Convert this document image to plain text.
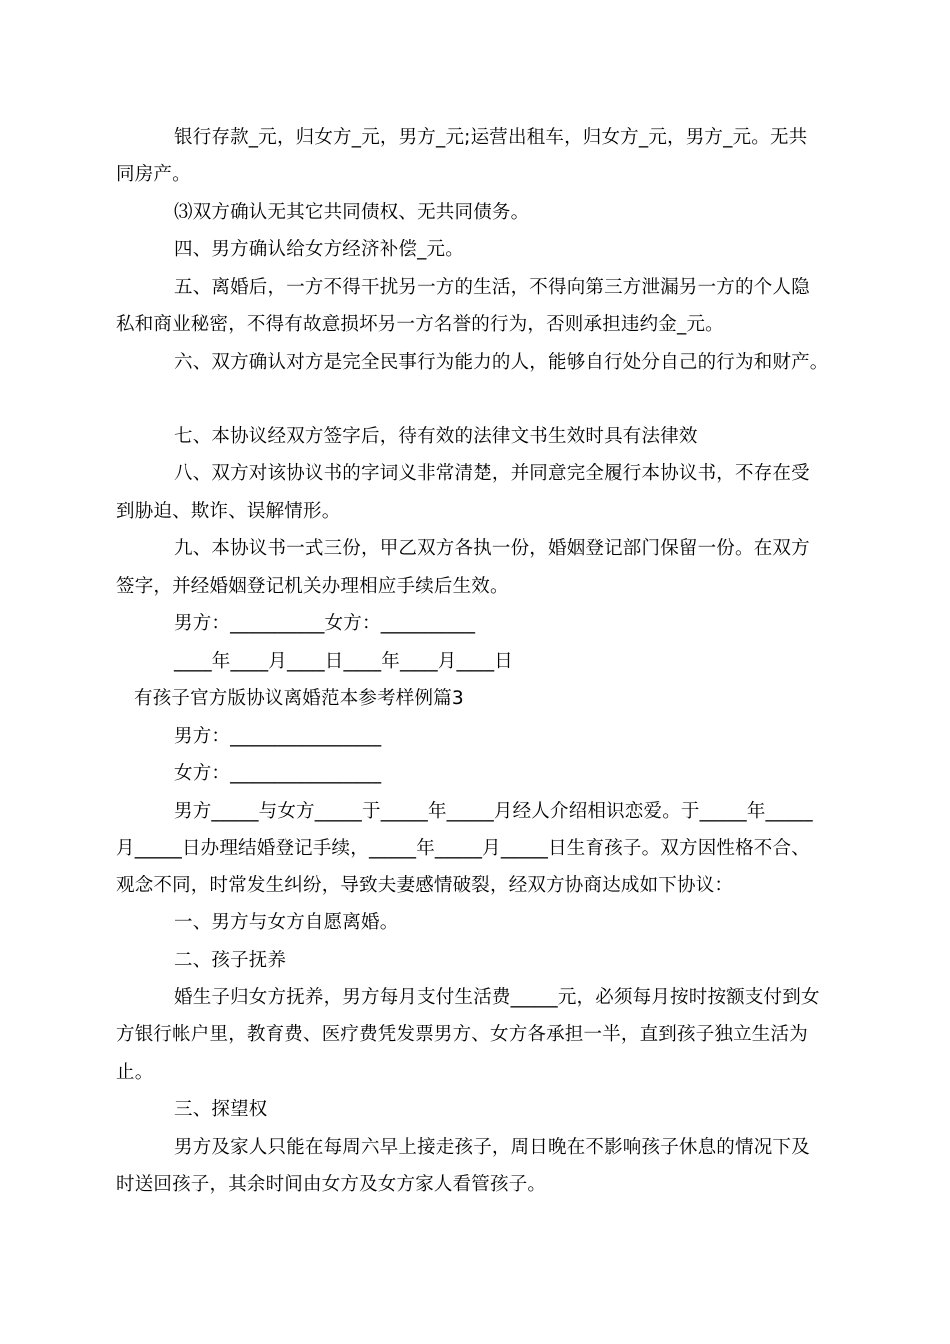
银行存款_元，归女方_元，男方_元;运营出租车，归女方_元，男方_元。无共
同房产。
⑶双方确认无其它共同债权、无共同债务。
四、男方确认给女方经济补偿_元。
五、离婚后，一方不得干扰另一方的生活，不得向第三方泄漏另一方的个人隐
私和商业秘密，不得有故意损坏另一方名誉的行为，否则承担违约金_元。
六、双方确认对方是完全民事行为能力的人，能够自行处分自己的行为和财产。
七、本协议经双方签字后，待有效的法律文书生效时具有法律效
八、双方对该协议书的字词义非常清楚，并同意完全履行本协议书，不存在受
到胁迫、欺诈、误解情形。
九、本协议书一式三份，甲乙双方各执一份，婚姻登记部门保留一份。在双方
签字，并经婚姻登记机关办理相应手续后生效。
男方：__________女方：__________
____年____月____日____年____月____日
有孩子官方版协议离婚范本参考样例篇3
男方：________________
女方：________________
男方_____与女方_____于_____年_____月经人介绍相识恋爱。于_____年_____
月_____日办理结婚登记手续，_____年_____月_____日生育孩子。双方因性格不合、
观念不同，时常发生纠纷，导致夫妻感情破裂，经双方协商达成如下协议：
一、男方与女方自愿离婚。
二、孩子抚养
婚生子归女方抚养，男方每月支付生活费_____元，必须每月按时按额支付到女
方银行帐户里，教育费、医疗费凭发票男方、女方各承担一半，直到孩子独立生活为
止。
三、探望权
男方及家人只能在每周六早上接走孩子，周日晚在不影响孩子休息的情况下及
时送回孩子，其余时间由女方及女方家人看管孩子。
